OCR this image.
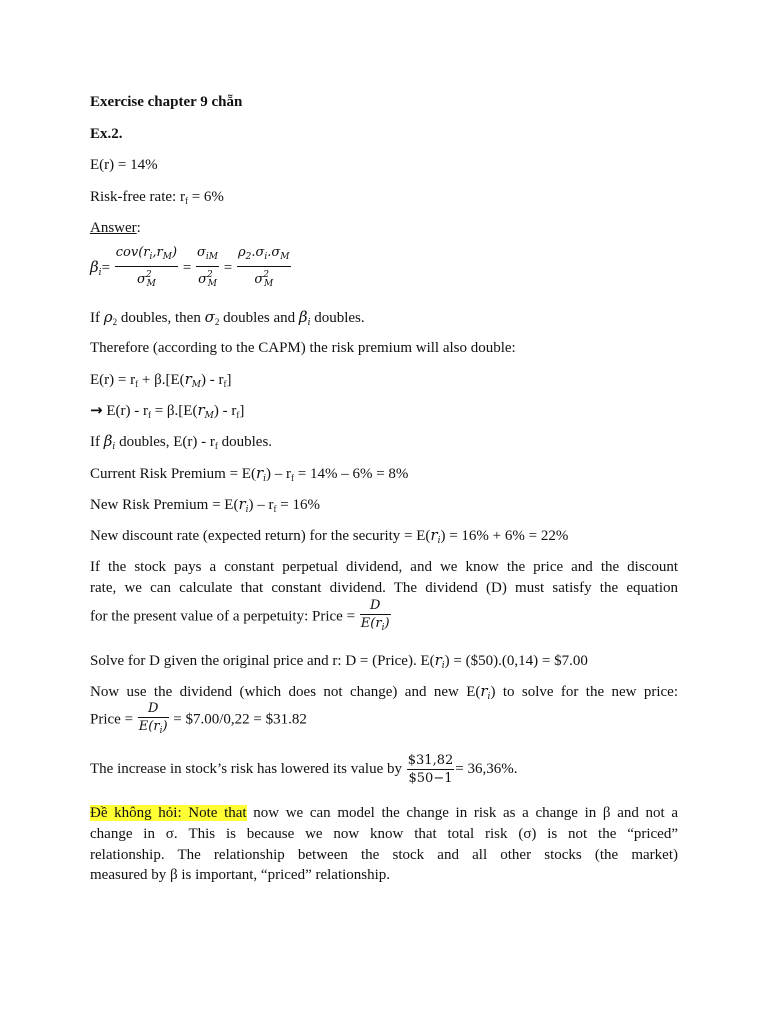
Exercise chapter 9 chẵn
Ex.2.
E(r) = 14%
Risk-free rate: $r_f = 6\%$
Answer:
$\beta_i= \frac{cov(r_i,r_M)}{\sigma^2_M} = \frac{\sigma_{iM}}{\sigma^2_M} = \frac{\rho_2.\sigma_i.\sigma_M}{\sigma^2_M}$
If $\rho_2$ doubles, then $\sigma_2$ doubles and $\beta_i$ doubles.
Therefore (according to the CAPM) the risk premium will also double:
$E(r) = r_f + \beta.[E(r_M) - r_f]$
→ $E(r) - r_f = \beta.[E(r_M) - r_f]$
If $\beta_i$ doubles, $E(r) - r_f$ doubles.
Current Risk Premium = $E(r_i) - r_f = 14\% - 6\% = 8\%$
New Risk Premium = $E(r_i) - r_f = 16\%$
New discount rate (expected return) for the security = $E(r_i) = 16\% + 6\% = 22\%$
If the stock pays a constant perpetual dividend, and we know the price and the discount
rate, we can calculate that constant dividend. The dividend (D) must satisfy the equation
for the present value of a perpetuity: Price = $\frac{D}{E(r_i)}$
Solve for D given the original price and r: D = (Price). $E(r_i)$ = ($50).(0,14) = $7.00
Now use the dividend (which does not change) and new $E(r_i)$ to solve for the new price:
Price = $\frac{D}{E(r_i)}$ = $7.00/0,22 = $31.82
The increase in stock’s risk has lowered its value by $\frac{\$31,82}{\$50-1} = 36,36\%$.
Đề không hỏi: Note that now we can model the change in risk as a change in β and not a
change in σ. This is because we now know that total risk (σ) is not the “priced”
relationship. The relationship between the stock and all other stocks (the market)
measured by β is important, “priced” relationship.
